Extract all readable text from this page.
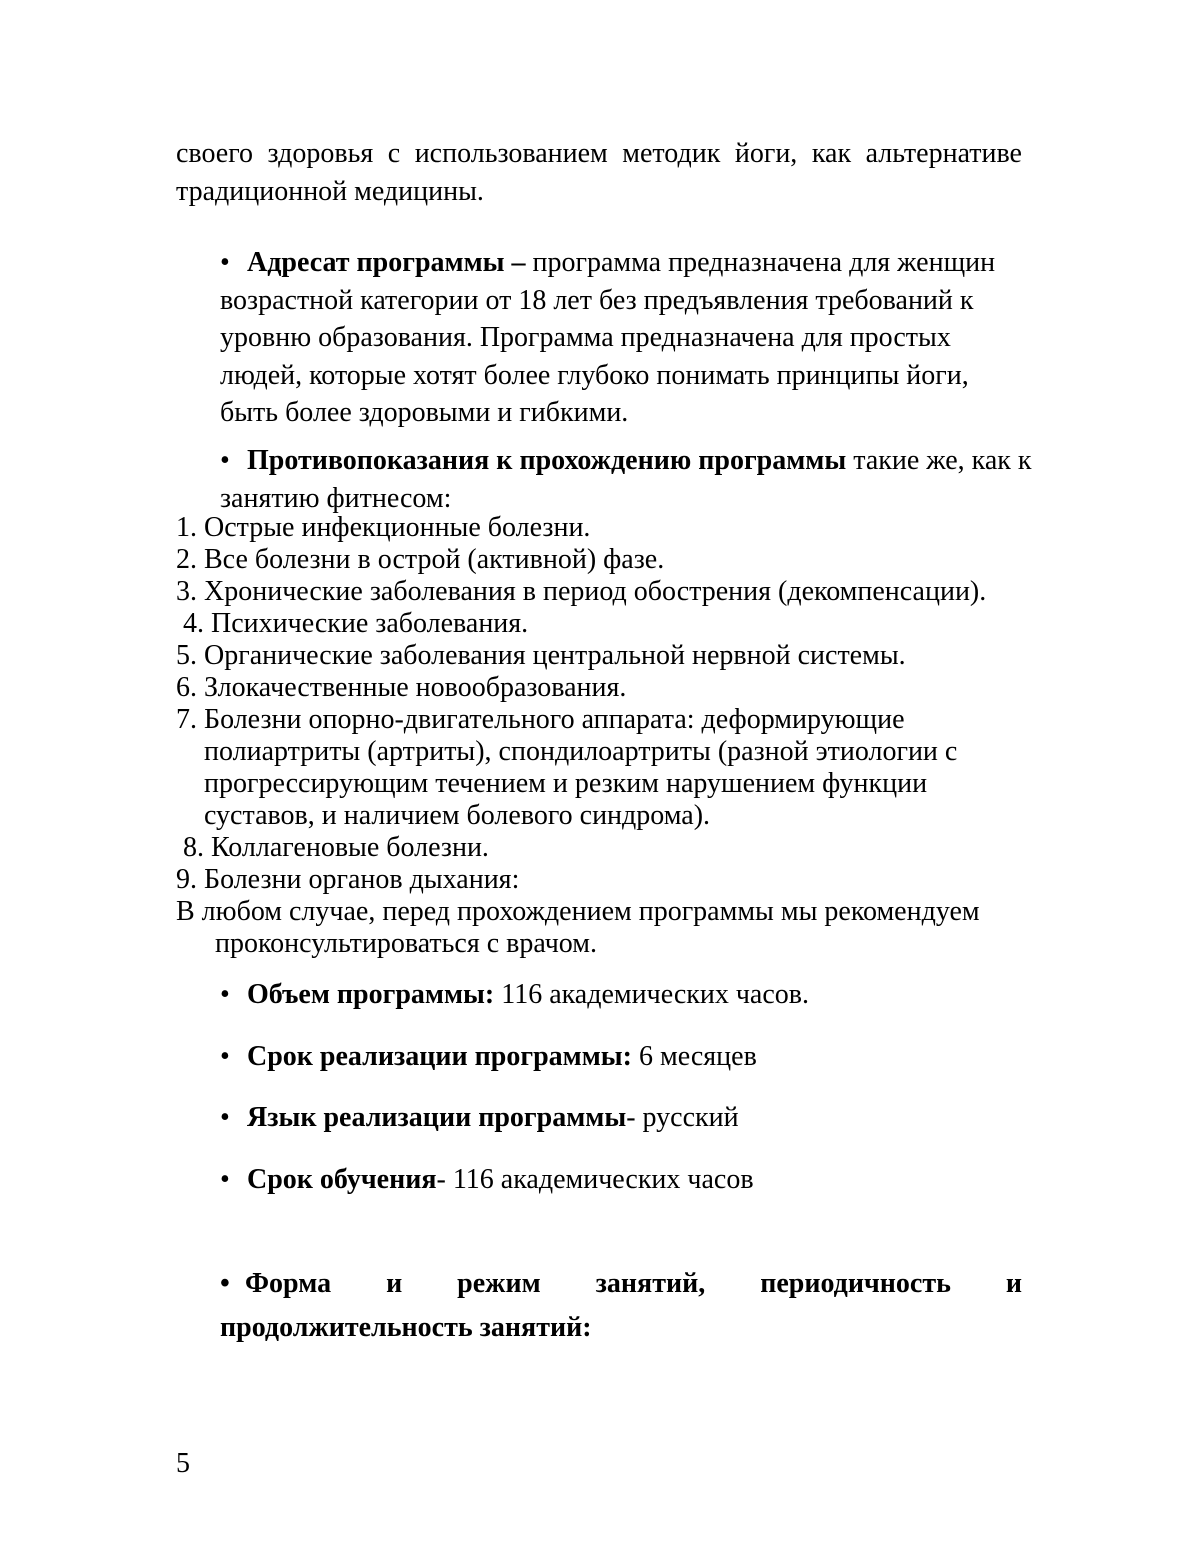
своего здоровья с использованием методик йоги, как альтернативе
традиционной медицины.
• Адресат программы – программа предназначена для женщин
возрастной категории от 18 лет без предъявления требований к
уровню образования. Программа предназначена для простых
людей, которые хотят более глубоко понимать принципы йоги,
быть более здоровыми и гибкими.
• Противопоказания к прохождению программы такие же, как к
занятию фитнесом:
1. Острые инфекционные болезни.
2. Все болезни в острой (активной) фазе.
3. Хронические заболевания в период обострения (декомпенсации).
4. Психические заболевания.
5. Органические заболевания центральной нервной системы.
6. Злокачественные новообразования.
7. Болезни опорно-двигательного аппарата: деформирующие
полиартриты (артриты), спондилоартриты (разной этиологии с
прогрессирующим течением и резким нарушением функции
суставов, и наличием болевого синдрома).
8. Коллагеновые болезни.
9. Болезни органов дыхания:
В любом случае, перед прохождением программы мы рекомендуем
проконсультироваться с врачом.
• Объем программы: 116 академических часов.
• Срок реализации программы: 6 месяцев
• Язык реализации программы- русский
• Срок обучения- 116 академических часов
• Форма и режим занятий, периодичность и
продолжительность занятий:
5
